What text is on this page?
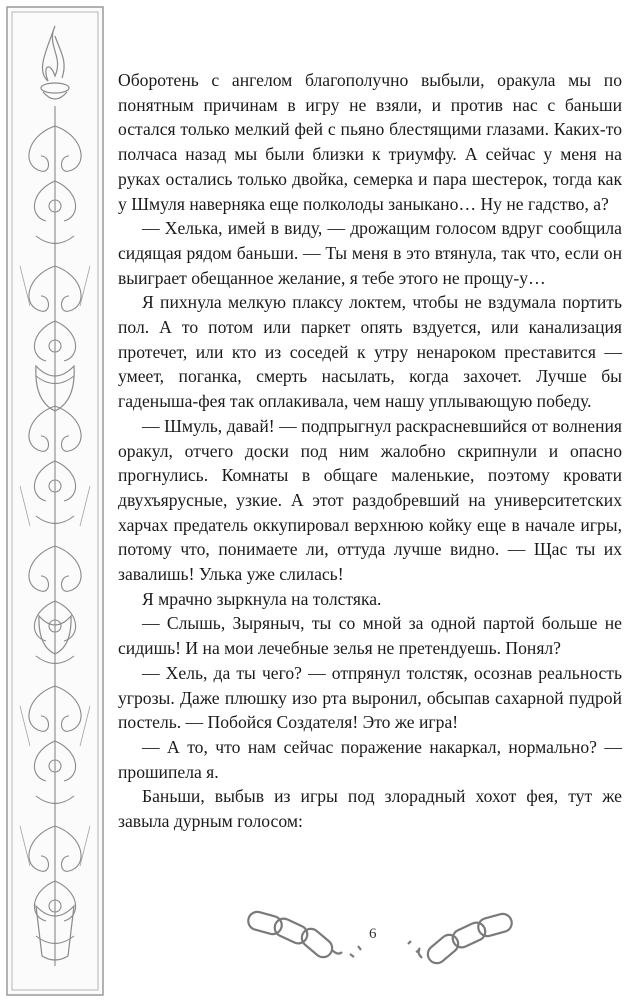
Оборотень с ангелом благополучно выбыли, оракула мы по понятным причинам в игру не взяли, и против нас с баньши остался только мелкий фей с пьяно блестящими глазами. Каких-то полчаса назад мы были близки к триумфу. А сейчас у меня на руках остались только двойка, семерка и пара шестерок, тогда как у Шмуля наверняка еще полколоды заныкано… Ну не гадство, а?

— Хелька, имей в виду, — дрожащим голосом вдруг сообщила сидящая рядом баньши. — Ты меня в это втянула, так что, если он выиграет обещанное желание, я тебе этого не прощу-у…

Я пихнула мелкую плаксу локтем, чтобы не вздумала портить пол. А то потом или паркет опять вздуется, или канализация протечет, или кто из соседей к утру ненароком преставится — умеет, поганка, смерть насылать, когда захочет. Лучше бы гаденыша-фея так оплакивала, чем нашу уплывающую победу.

— Шмуль, давай! — подпрыгнул раскрасневшийся от волнения оракул, отчего доски под ним жалобно скрипнули и опасно прогнулись. Комнаты в общаге маленькие, поэтому кровати двухъярусные, узкие. А этот раздобревший на университетских харчах предатель оккупировал верхнюю койку еще в начале игры, потому что, понимаете ли, оттуда лучше видно. — Щас ты их завалишь! Улька уже слилась!

Я мрачно зыркнула на толстяка.

— Слышь, Зыряныч, ты со мной за одной партой больше не сидишь! И на мои лечебные зелья не претендуешь. Понял?

— Хель, да ты чего? — отпрянул толстяк, осознав реальность угрозы. Даже плюшку изо рта выронил, обсыпав сахарной пудрой постель. — Побойся Создателя! Это же игра!

— А то, что нам сейчас поражение накаркал, нормально? — прошипела я.

Баньши, выбыв из игры под злорадный хохот фея, тут же завыла дурным голосом:

6
